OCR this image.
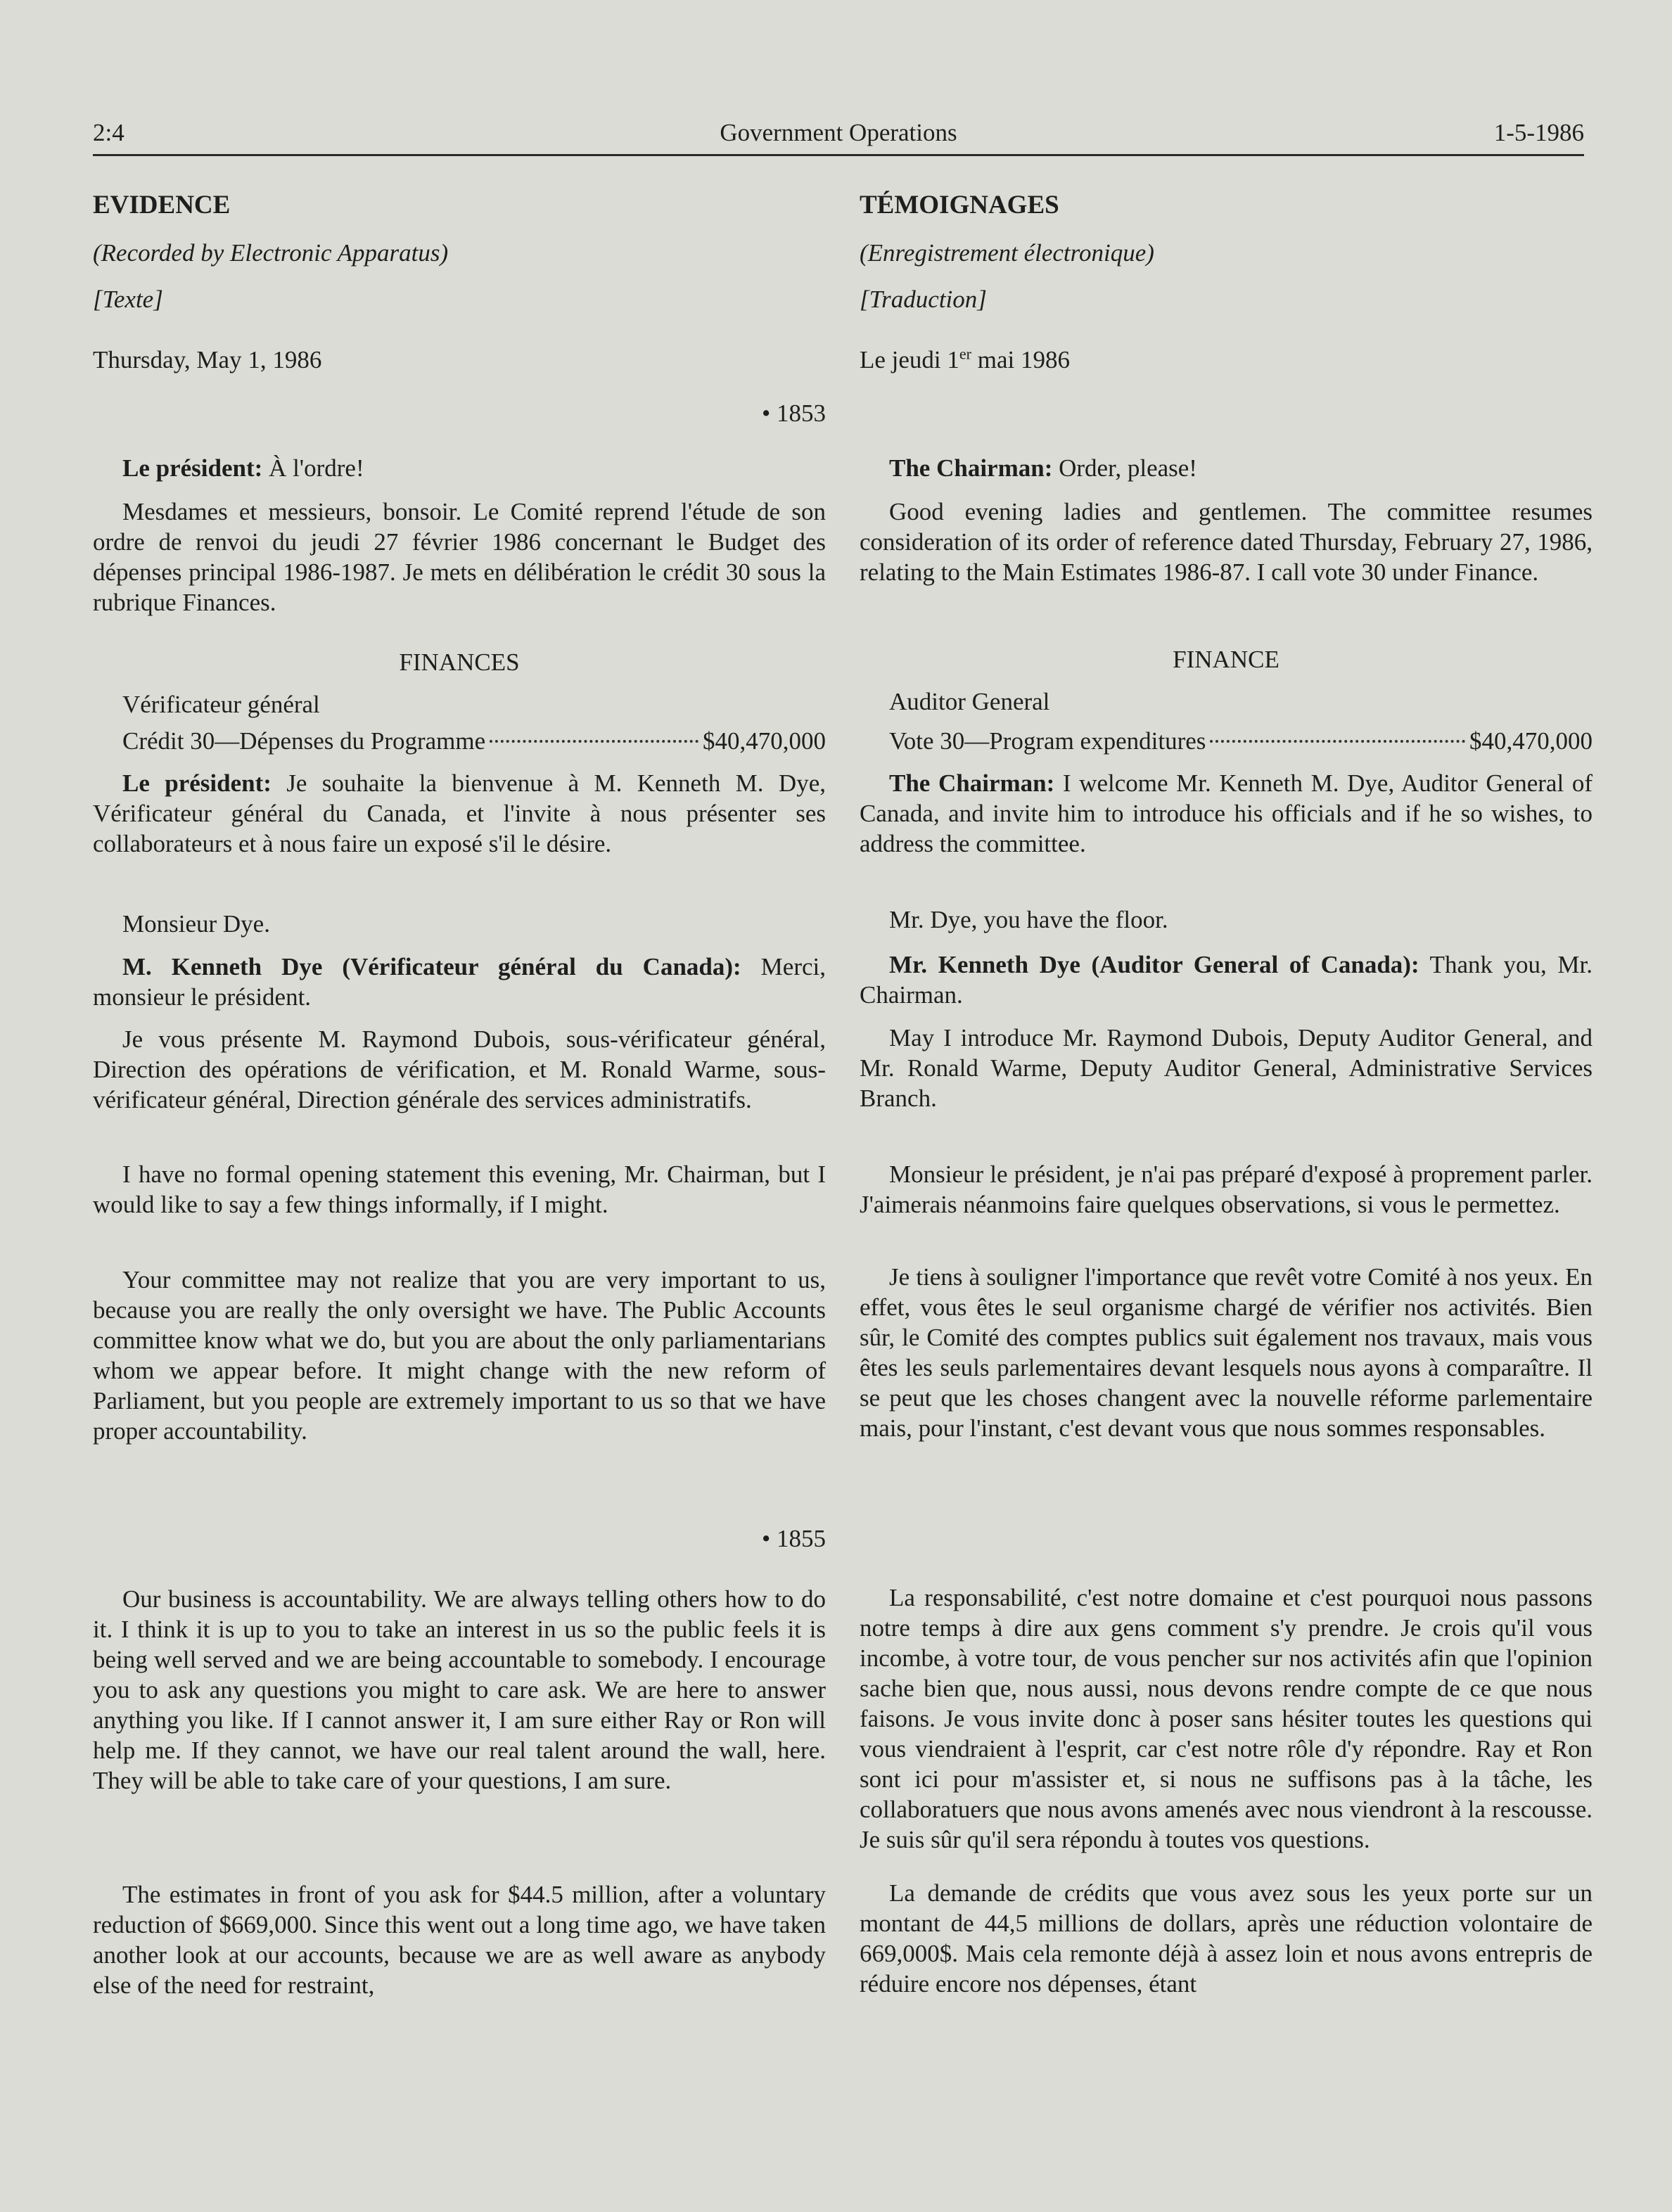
2:4	Government Operations	1-5-1986
EVIDENCE
(Recorded by Electronic Apparatus)
[Texte]
Thursday, May 1, 1986
• 1853

Le président: À l'ordre!

Mesdames et messieurs, bonsoir. Le Comité reprend l'étude de son ordre de renvoi du jeudi 27 février 1986 concernant le Budget des dépenses principal 1986-1987. Je mets en délibération le crédit 30 sous la rubrique Finances.

FINANCES

Vérificateur général

Crédit 30—Dépenses du Programme	$40,470,000

Le président: Je souhaite la bienvenue à M. Kenneth M. Dye, Vérificateur général du Canada, et l'invite à nous présenter ses collaborateurs et à nous faire un exposé s'il le désire.

Monsieur Dye.

M. Kenneth Dye (Vérificateur général du Canada): Merci, monsieur le président.

Je vous présente M. Raymond Dubois, sous-vérificateur général, Direction des opérations de vérification, et M. Ronald Warme, sous-vérificateur général, Direction générale des services administratifs.

I have no formal opening statement this evening, Mr. Chairman, but I would like to say a few things informally, if I might.

Your committee may not realize that you are very important to us, because you are really the only oversight we have. The Public Accounts committee know what we do, but you are about the only parliamentarians whom we appear before. It might change with the new reform of Parliament, but you people are extremely important to us so that we have proper accountability.

• 1855

Our business is accountability. We are always telling others how to do it. I think it is up to you to take an interest in us so the public feels it is being well served and we are being accountable to somebody. I encourage you to ask any questions you might to care ask. We are here to answer anything you like. If I cannot answer it, I am sure either Ray or Ron will help me. If they cannot, we have our real talent around the wall, here. They will be able to take care of your questions, I am sure.

The estimates in front of you ask for $44.5 million, after a voluntary reduction of $669,000. Since this went out a long time ago, we have taken another look at our accounts, because we are as well aware as anybody else of the need for restraint,

TÉMOIGNAGES
(Enregistrement électronique)
[Traduction]
Le jeudi 1er mai 1986

The Chairman: Order, please!

Good evening ladies and gentlemen. The committee resumes consideration of its order of reference dated Thursday, February 27, 1986, relating to the Main Estimates 1986-87. I call vote 30 under Finance.

FINANCE

Auditor General

Vote 30—Program expenditures	$40,470,000

The Chairman: I welcome Mr. Kenneth M. Dye, Auditor General of Canada, and invite him to introduce his officials and if he so wishes, to address the committee.

Mr. Dye, you have the floor.

Mr. Kenneth Dye (Auditor General of Canada): Thank you, Mr. Chairman.

May I introduce Mr. Raymond Dubois, Deputy Auditor General, and Mr. Ronald Warme, Deputy Auditor General, Administrative Services Branch.

Monsieur le président, je n'ai pas préparé d'exposé à proprement parler. J'aimerais néanmoins faire quelques observations, si vous le permettez.

Je tiens à souligner l'importance que revêt votre Comité à nos yeux. En effet, vous êtes le seul organisme chargé de vérifier nos activités. Bien sûr, le Comité des comptes publics suit également nos travaux, mais vous êtes les seuls parlementaires devant lesquels nous ayons à comparaître. Il se peut que les choses changent avec la nouvelle réforme parlementaire mais, pour l'instant, c'est devant vous que nous sommes responsables.

La responsabilité, c'est notre domaine et c'est pourquoi nous passons notre temps à dire aux gens comment s'y prendre. Je crois qu'il vous incombe, à votre tour, de vous pencher sur nos activités afin que l'opinion sache bien que, nous aussi, nous devons rendre compte de ce que nous faisons. Je vous invite donc à poser sans hésiter toutes les questions qui vous viendraient à l'esprit, car c'est notre rôle d'y répondre. Ray et Ron sont ici pour m'assister et, si nous ne suffisons pas à la tâche, les collaboratuers que nous avons amenés avec nous viendront à la rescousse. Je suis sûr qu'il sera répondu à toutes vos questions.

La demande de crédits que vous avez sous les yeux porte sur un montant de 44,5 millions de dollars, après une réduction volontaire de 669,000$. Mais cela remonte déjà à assez loin et nous avons entrepris de réduire encore nos dépenses, étant
